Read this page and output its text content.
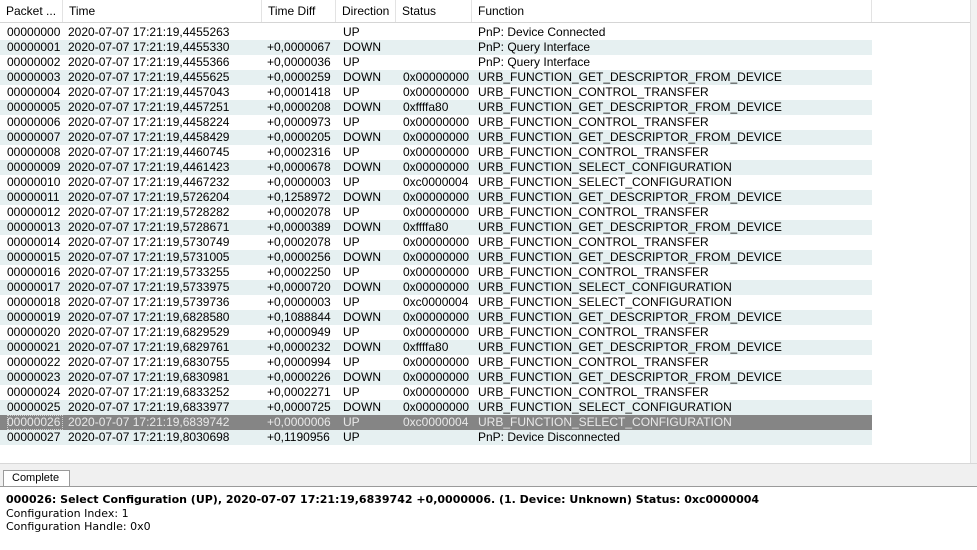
Packet ...	Time	Time Diff	Direction	Status	Function
00000000 2020-07-07 17:21:19,4455263	UP	PnP: Device Connected
00000001 2020-07-07 17:21:19,4455330	+0,0000067	DOWN	PnP: Query Interface
00000002 2020-07-07 17:21:19,4455366	+0,0000036	UP	PnP: Query Interface
00000003 2020-07-07 17:21:19,4455625	+0,0000259	DOWN	0x00000000 URB_FUNCTION_GET_DESCRIPTOR_FROM_DEVICE
00000004 2020-07-07 17:21:19,4457043	+0,0001418	UP	0x00000000 URB_FUNCTION_CONTROL_TRANSFER
00000005 2020-07-07 17:21:19,4457251	+0,0000208	DOWN	0xffffa80	URB_FUNCTION_GET_DESCRIPTOR_FROM_DEVICE
00000006 2020-07-07 17:21:19,4458224	+0,0000973	UP	0x00000000 URB_FUNCTION_CONTROL_TRANSFER
00000007 2020-07-07 17:21:19,4458429	+0,0000205	DOWN	0x00000000 URB_FUNCTION_GET_DESCRIPTOR_FROM_DEVICE
00000008 2020-07-07 17:21:19,4460745	+0,0002316	UP	0x00000000 URB_FUNCTION_CONTROL_TRANSFER
00000009 2020-07-07 17:21:19,4461423	+0,0000678	DOWN	0x00000000 URB_FUNCTION_SELECT_CONFIGURATION
00000010 2020-07-07 17:21:19,4467232	+0,0000003	UP	0xc0000004 URB_FUNCTION_SELECT_CONFIGURATION
00000011 2020-07-07 17:21:19,5726204	+0,1258972	DOWN	0x00000000 URB_FUNCTION_GET_DESCRIPTOR_FROM_DEVICE
00000012 2020-07-07 17:21:19,5728282	+0,0002078	UP	0x00000000 URB_FUNCTION_CONTROL_TRANSFER
00000013 2020-07-07 17:21:19,5728671	+0,0000389	DOWN	0xffffa80	URB_FUNCTION_GET_DESCRIPTOR_FROM_DEVICE
00000014 2020-07-07 17:21:19,5730749	+0,0002078	UP	0x00000000 URB_FUNCTION_CONTROL_TRANSFER
00000015 2020-07-07 17:21:19,5731005	+0,0000256	DOWN	0x00000000 URB_FUNCTION_GET_DESCRIPTOR_FROM_DEVICE
00000016 2020-07-07 17:21:19,5733255	+0,0002250	UP	0x00000000 URB_FUNCTION_CONTROL_TRANSFER
00000017 2020-07-07 17:21:19,5733975	+0,0000720	DOWN	0x00000000 URB_FUNCTION_SELECT_CONFIGURATION
00000018 2020-07-07 17:21:19,5739736	+0,0000003	UP	0xc0000004 URB_FUNCTION_SELECT_CONFIGURATION
00000019 2020-07-07 17:21:19,6828580	+0,1088844	DOWN	0x00000000 URB_FUNCTION_GET_DESCRIPTOR_FROM_DEVICE
00000020 2020-07-07 17:21:19,6829529	+0,0000949	UP	0x00000000 URB_FUNCTION_CONTROL_TRANSFER
00000021 2020-07-07 17:21:19,6829761	+0,0000232	DOWN	0xffffa80	URB_FUNCTION_GET_DESCRIPTOR_FROM_DEVICE
00000022 2020-07-07 17:21:19,6830755	+0,0000994	UP	0x00000000 URB_FUNCTION_CONTROL_TRANSFER
00000023 2020-07-07 17:21:19,6830981	+0,0000226	DOWN	0x00000000 URB_FUNCTION_GET_DESCRIPTOR_FROM_DEVICE
00000024 2020-07-07 17:21:19,6833252	+0,0002271	UP	0x00000000 URB_FUNCTION_CONTROL_TRANSFER
00000025 2020-07-07 17:21:19,6833977	+0,0000725	DOWN	0x00000000 URB_FUNCTION_SELECT_CONFIGURATION
00000026 2020-07-07 17:21:19,6839742	+0,0000006	UP	0xc0000004 URB_FUNCTION_SELECT_CONFIGURATION
00000027 2020-07-07 17:21:19,8030698	+0,1190956	UP	PnP: Device Disconnected
Complete
000026: Select Configuration (UP), 2020-07-07 17:21:19,6839742 +0,0000006. (1. Device: Unknown) Status: 0xc0000004
Configuration Index: 1
Configuration Handle: 0x0
